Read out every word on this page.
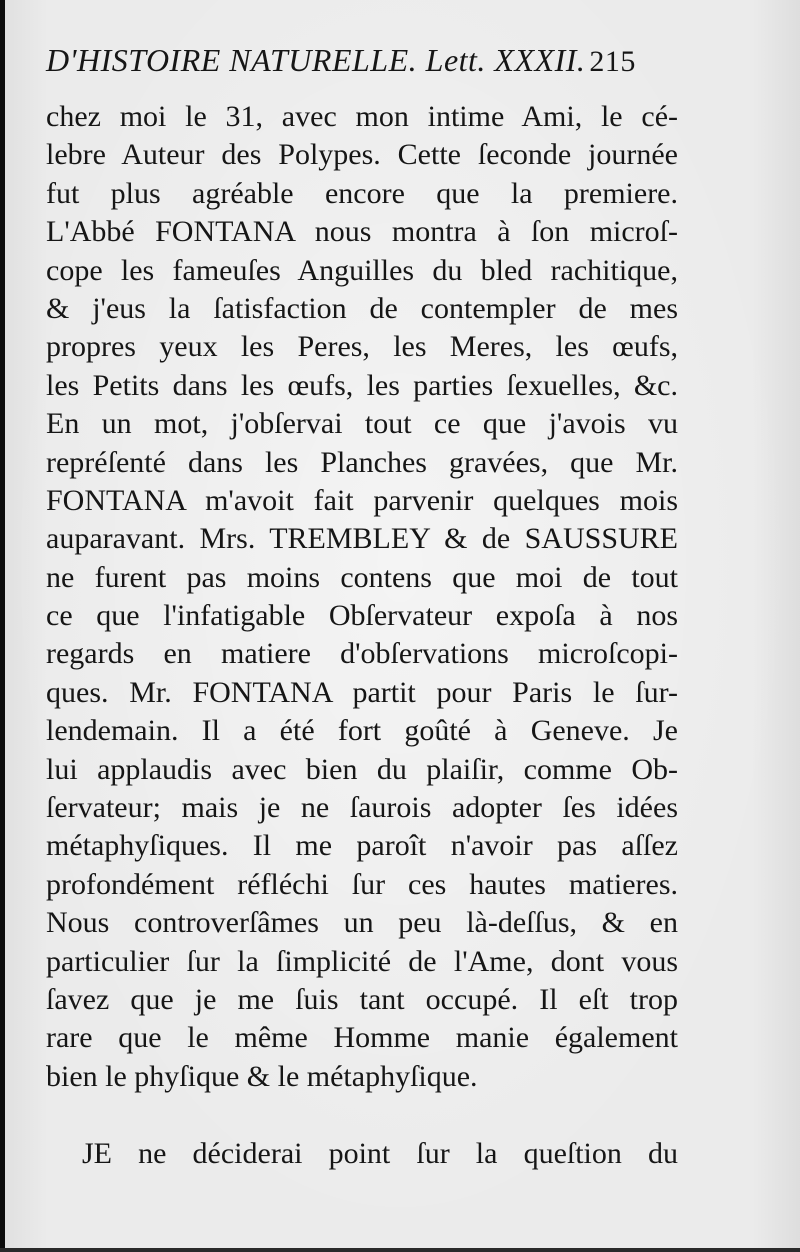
D'HISTOIRE NATURELLE. Lett. XXXII. 215
chez moi le 31, avec mon intime Ami, le cé-
lebre Auteur des Polypes. Cette ſeconde journée
fut plus agréable encore que la premiere.
L'Abbé FONTANA nous montra à ſon microſ-
cope les fameuſes Anguilles du bled rachitique,
& j'eus la ſatisfaction de contempler de mes
propres yeux les Peres, les Meres, les œufs,
les Petits dans les œufs, les parties ſexuelles, &c.
En un mot, j'obſervai tout ce que j'avois vu
repréſenté dans les Planches gravées, que Mr.
FONTANA m'avoit fait parvenir quelques mois
auparavant. Mrs. TREMBLEY & de SAUSSURE
ne furent pas moins contens que moi de tout
ce que l'infatigable Obſervateur expoſa à nos
regards en matiere d'obſervations microſcopi-
ques. Mr. FONTANA partit pour Paris le ſur-
lendemain. Il a été fort goûté à Geneve. Je
lui applaudis avec bien du plaiſir, comme Ob-
ſervateur; mais je ne ſaurois adopter ſes idées
métaphyſiques. Il me paroît n'avoir pas aſſez
profondément réfléchi ſur ces hautes matieres.
Nous controverſâmes un peu là-deſſus, & en
particulier ſur la ſimplicité de l'Ame, dont vous
ſavez que je me ſuis tant occupé. Il eſt trop
rare que le même Homme manie également
bien le phyſique & le métaphyſique.
JE ne déciderai point ſur la queſtion du
